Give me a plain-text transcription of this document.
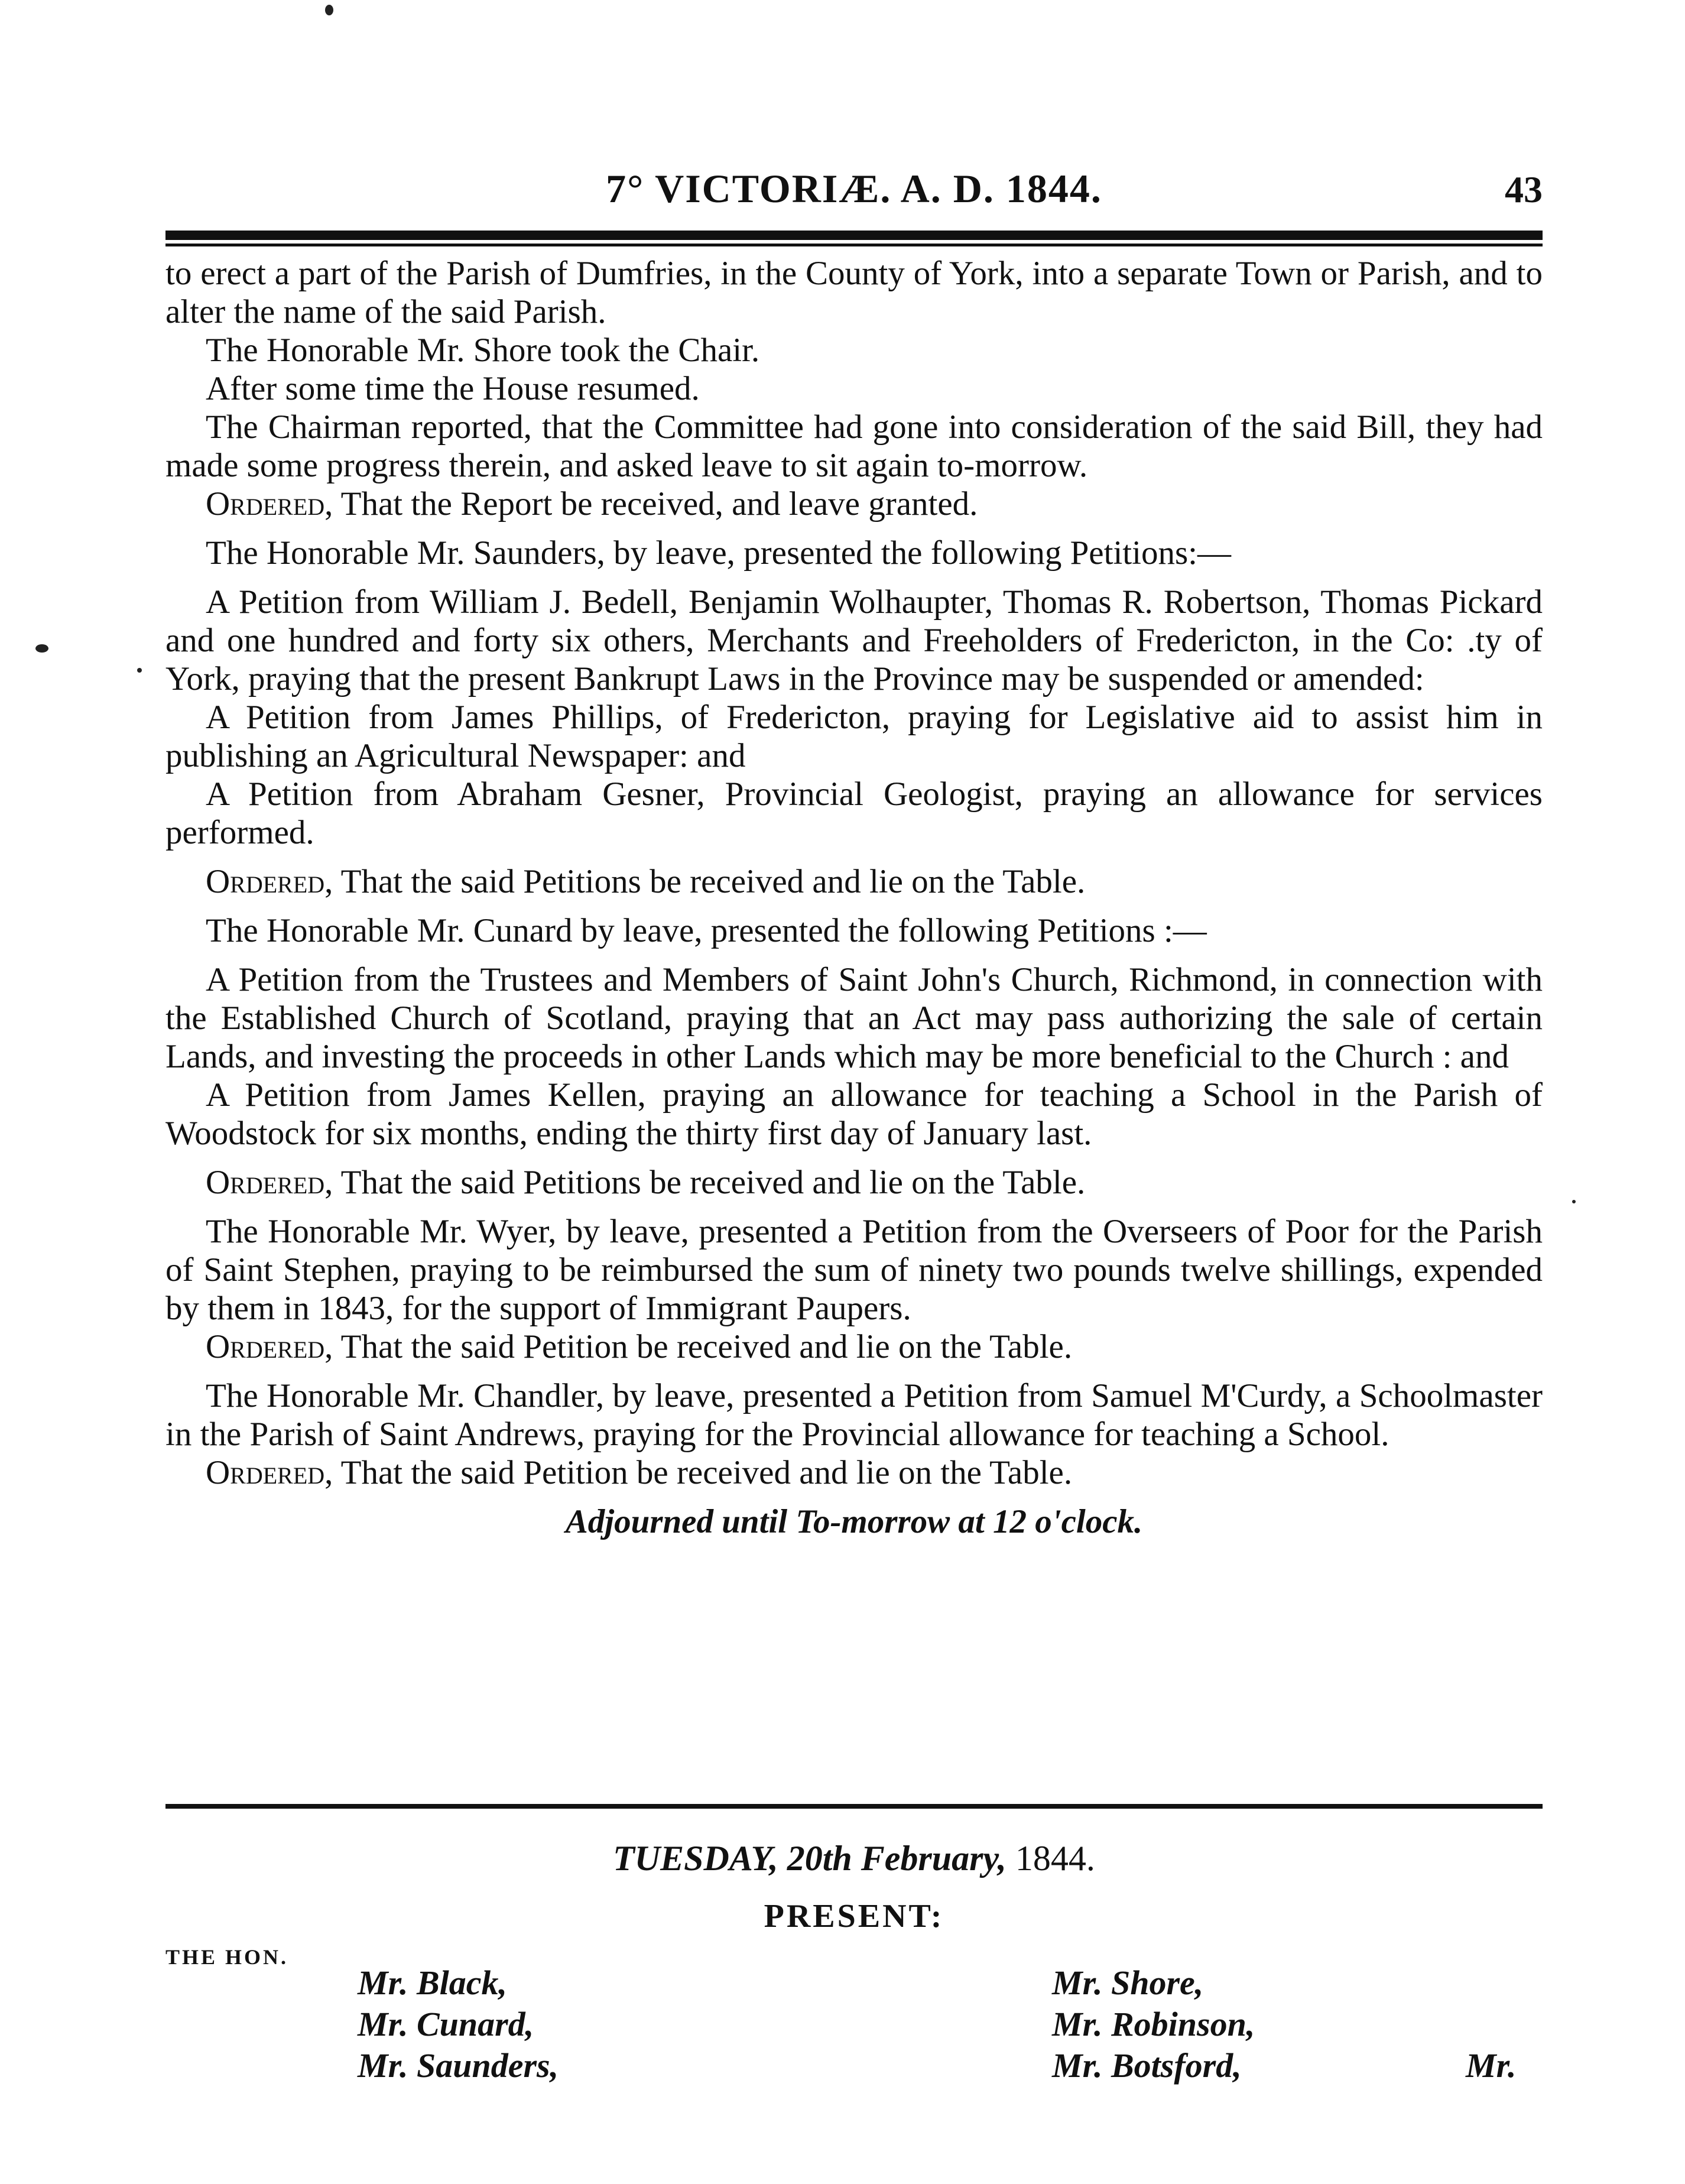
7° VICTORIÆ. A. D. 1844.	43

to erect a part of the Parish of Dumfries, in the County of York, into a separate Town or Parish, and to alter the name of the said Parish.

The Honorable Mr. Shore took the Chair.

After some time the House resumed.

The Chairman reported, that the Committee had gone into consideration of the said Bill, they had made some progress therein, and asked leave to sit again to-morrow.

Ordered, That the Report be received, and leave granted.

The Honorable Mr. Saunders, by leave, presented the following Petitions:—

A Petition from William J. Bedell, Benjamin Wolhaupter, Thomas R. Robertson, Thomas Pickard and one hundred and forty six others, Merchants and Freeholders of Fredericton, in the Co: .ty of York, praying that the present Bankrupt Laws in the Province may be suspended or amended:

A Petition from James Phillips, of Fredericton, praying for Legislative aid to assist him in publishing an Agricultural Newspaper: and

A Petition from Abraham Gesner, Provincial Geologist, praying an allowance for services performed.

Ordered, That the said Petitions be received and lie on the Table.

The Honorable Mr. Cunard by leave, presented the following Petitions :—

A Petition from the Trustees and Members of Saint John's Church, Richmond, in connection with the Established Church of Scotland, praying that an Act may pass authorizing the sale of certain Lands, and investing the proceeds in other Lands which may be more beneficial to the Church : and

A Petition from James Kellen, praying an allowance for teaching a School in the Parish of Woodstock for six months, ending the thirty first day of January last.

Ordered, That the said Petitions be received and lie on the Table.

The Honorable Mr. Wyer, by leave, presented a Petition from the Overseers of Poor for the Parish of Saint Stephen, praying to be reimbursed the sum of ninety two pounds twelve shillings, expended by them in 1843, for the support of Immigrant Paupers.

Ordered, That the said Petition be received and lie on the Table.

The Honorable Mr. Chandler, by leave, presented a Petition from Samuel M'Curdy, a Schoolmaster in the Parish of Saint Andrews, praying for the Provincial allowance for teaching a School.

Ordered, That the said Petition be received and lie on the Table.

Adjourned until To-morrow at 12 o'clock.

TUESDAY, 20th February, 1844.
PRESENT:
THE HON.
Mr. Black,
Mr. Cunard,
Mr. Saunders,
Mr. Shore,
Mr. Robinson,
Mr. Botsford,	Mr.
